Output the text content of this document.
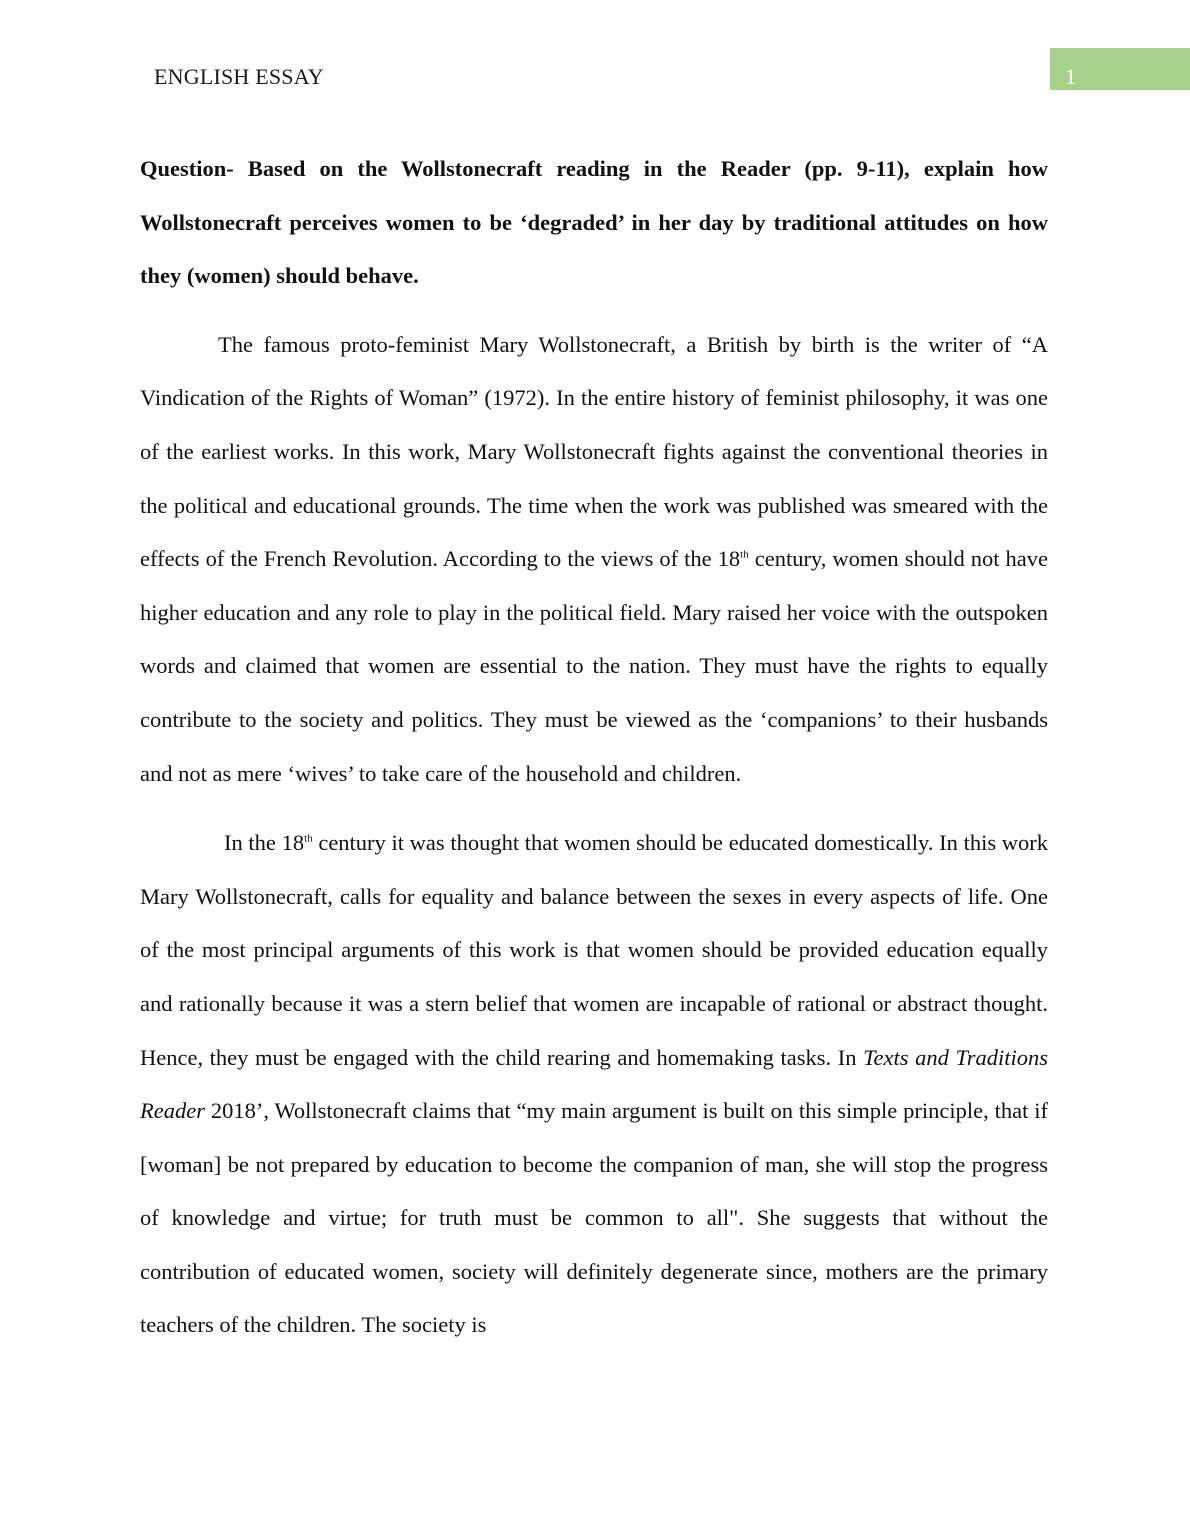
ENGLISH ESSAY	1

Question- Based on the Wollstonecraft reading in the Reader (pp. 9-11), explain how Wollstonecraft perceives women to be ‘degraded’ in her day by traditional attitudes on how they (women) should behave.

The famous proto-feminist Mary Wollstonecraft, a British by birth is the writer of “A Vindication of the Rights of Woman” (1972). In the entire history of feminist philosophy, it was one of the earliest works. In this work, Mary Wollstonecraft fights against the conventional theories in the political and educational grounds. The time when the work was published was smeared with the effects of the French Revolution. According to the views of the 18th century, women should not have higher education and any role to play in the political field. Mary raised her voice with the outspoken words and claimed that women are essential to the nation. They must have the rights to equally contribute to the society and politics. They must be viewed as the ‘companions’ to their husbands and not as mere ‘wives’ to take care of the household and children.

In the 18th century it was thought that women should be educated domestically. In this work Mary Wollstonecraft, calls for equality and balance between the sexes in every aspects of life. One of the most principal arguments of this work is that women should be provided education equally and rationally because it was a stern belief that women are incapable of rational or abstract thought. Hence, they must be engaged with the child rearing and homemaking tasks. In Texts and Traditions Reader 2018’, Wollstonecraft claims that “my main argument is built on this simple principle, that if [woman] be not prepared by education to become the companion of man, she will stop the progress of knowledge and virtue; for truth must be common to all". She suggests that without the contribution of educated women, society will definitely degenerate since, mothers are the primary teachers of the children. The society is
